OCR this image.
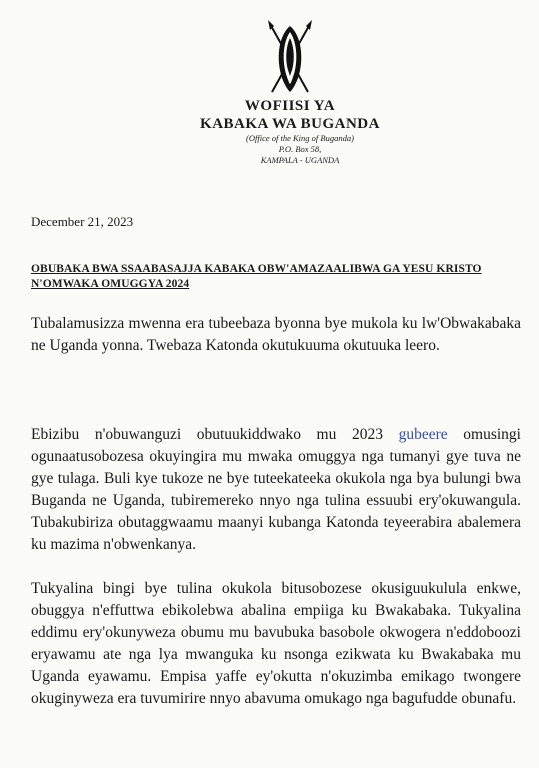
WOFIISI YA
KABAKA WA BUGANDA
(Office of the King of Buganda)
P.O. Box 58,
KAMPALA - UGANDA
December 21, 2023
OBUBAKA BWA SSAABASAJJA KABAKA OBW'AMAZAALIBWA GA YESU KRISTO N'OMWAKA OMUGGYA 2024
Tubalamusizza mwenna era tubeebaza byonna bye mukola ku lw'Obwakabaka ne Uganda yonna. Twebaza Katonda okutukuuma okutuuka leero.
Ebizibu n'obuwanguzi obutuukiddwako mu 2023 gubeere omusingi ogunaatusobozesa okuyingira mu mwaka omuggya nga tumanyi gye tuva ne gye tulaga. Buli kye tukoze ne bye tuteekateeka okukola nga bya bulungi bwa Buganda ne Uganda, tubiremereko nnyo nga tulina essuubi ery'okuwangula. Tubakubiriza obutaggwaamu maanyi kubanga Katonda teyeerabira abalemera ku mazima n'obwenkanya.
Tukyalina bingi bye tulina okukola bitusobozese okusiguukulula enkwe, obuggya n'effuttwa ebikolebwa abalina empiiga ku Bwakabaka. Tukyalina eddimu ery'okunyweza obumu mu bavubuka basobole okwogera n'eddoboozi eryawamu ate nga lya mwanguka ku nsonga ezikwata ku Bwakabaka mu Uganda eyawamu. Empisa yaffe ey'okutta n'okuzimba emikago twongere okuginyweza era tuvumirire nnyo abavuma omukago nga bagufudde obunafu.
